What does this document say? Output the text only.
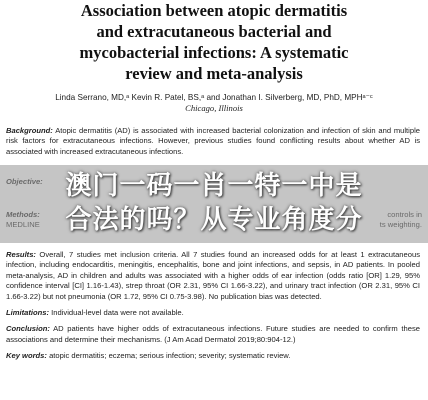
Association between atopic dermatitis
and extracutaneous bacterial and
mycobacterial infections: A systematic
review and meta-analysis
Linda Serrano, MD,ᵃ Kevin R. Patel, BS,ᵃ and Jonathan I. Silverberg, MD, PhD, MPHᵃ⁻ᶜ
Chicago, Illinois

Background: Atopic dermatitis (AD) is associated with increased bacterial colonization and infection of skin and multiple risk factors for extracutaneous infections. However, previous studies found conflicting results about whether AD is associated with increased extracutaneous infections.

Results: Overall, 7 studies met inclusion criteria. All 7 studies found an increased odds for at least 1 extracutaneous infection, including endocarditis, meningitis, encephalitis, bone and joint infections, and sepsis, in AD patients. In pooled meta-analysis, AD in children and adults was associated with a higher odds of ear infection (odds ratio [OR] 1.29, 95% confidence interval [CI] 1.16-1.43), strep throat (OR 2.31, 95% CI 1.66-3.22), and urinary tract infection (OR 2.31, 95% CI 1.66-3.22) but not pneumonia (OR 1.72, 95% CI 0.75-3.98). No publication bias was detected.

Limitations: Individual-level data were not available.

Conclusion: AD patients have higher odds of extracutaneous infections. Future studies are needed to confirm these associations and determine their mechanisms. (J Am Acad Dermatol 2019;80:904-12.)

Key words: atopic dermatitis; eczema; serious infection; severity; systematic review.

澳门一码一肖一特一中是
合法的吗？从专业角度分
